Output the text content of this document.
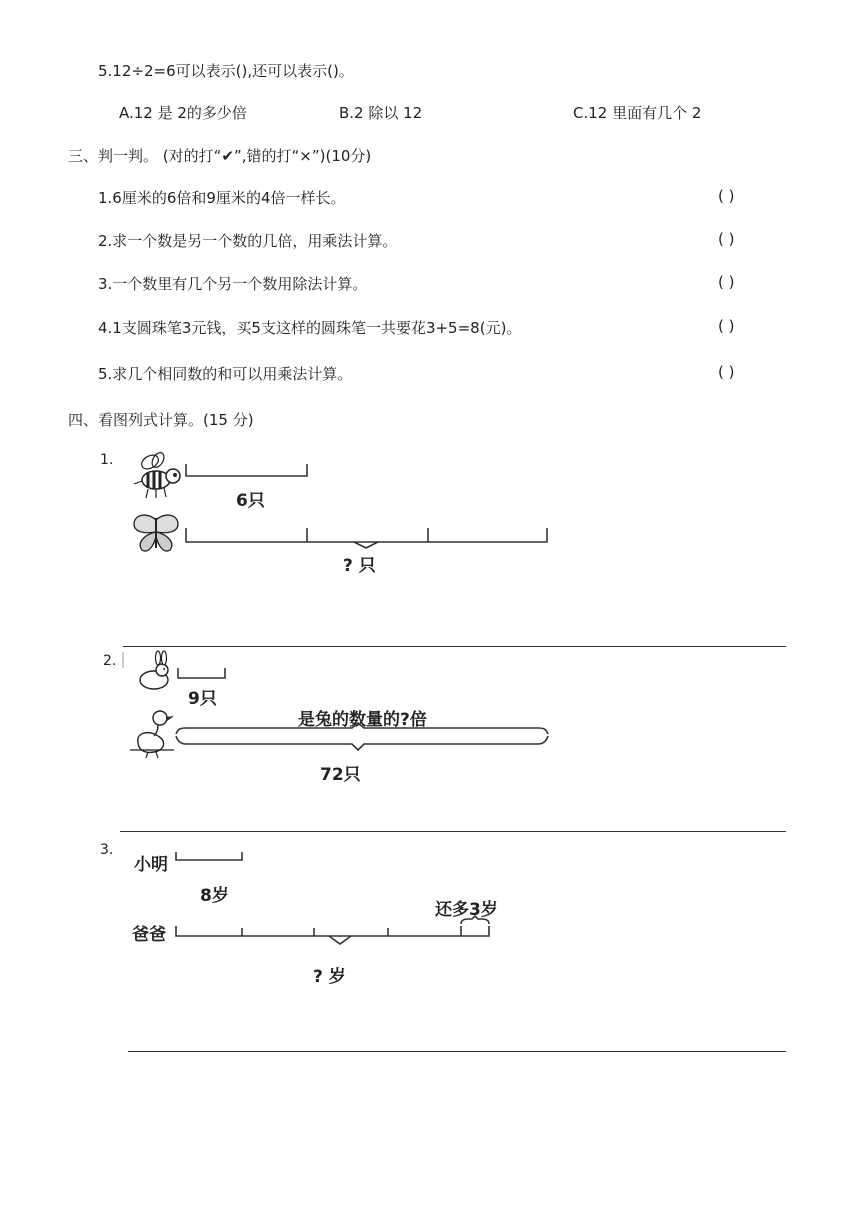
5.12÷2=6可以表示(),还可以表示()。
A.12 是 2的多少倍	B.2 除以 12	C.12 里面有几个 2
三、判一判。 (对的打“✔”,错的打“×”)(10分)
1.6厘米的6倍和9厘米的4倍一样长。	( )
2.求一个数是另一个数的几倍，用乘法计算。	( )
3.一个数里有几个另一个数用除法计算。	( )
4.1支圆珠笔3元钱，买5支这样的圆珠笔一共要花3+5=8(元)。	( )
5.求几个相同数的和可以用乘法计算。	( )
四、看图列式计算。(15 分)
1.
6只
? 只
2.
9只
是兔的数量的?倍
72只
3.
小明
8岁
还多3岁
爸爸
? 岁
